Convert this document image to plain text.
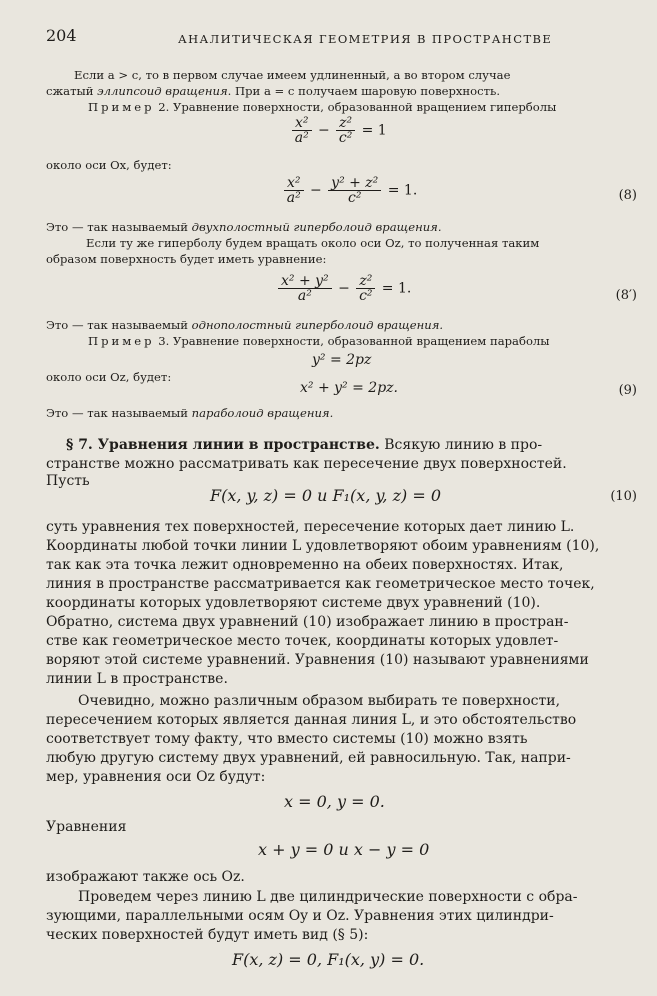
204	АНАЛИТИЧЕСКАЯ ГЕОМЕТРИЯ В ПРОСТРАНСТВЕ
Если a > c, то в первом случае имеем удлиненный, а во втором случае
сжатый эллипсоид вращения. При a = c получаем шаровую поверхность.
Пример 2. Уравнение поверхности, образованной вращением гиперболы
$\frac{\text{x²}}{\text{a²}} - \frac{\text{z²}}{\text{c²}} = 1$
около оси Ox, будет:
$\frac{\text{x²}}{\text{a²}} - \frac{\text{y² + z²}}{\text{c²}} = 1$.	(8)
Это — так называемый двухполостный гиперболоид вращения.
Если ту же гиперболу будем вращать около оси Oz, то полученная таким
образом поверхность будет иметь уравнение:
$\frac{\text{x² + y²}}{\text{a²}} - \frac{\text{z²}}{\text{c²}} = 1$.	(8′)
Это — так называемый однополостный гиперболоид вращения.
Пример 3. Уравнение поверхности, образованной вращением параболы
y² = 2pz
около оси Oz, будет:
x² + y² = 2pz.	(9)
Это — так называемый параболоид вращения.
§ 7. Уравнения линии в пространстве. Всякую линию в про-
странстве можно рассматривать как пересечение двух поверхностей.
Пусть
F(x, y, z) = 0 и F₁(x, y, z) = 0	(10)
суть уравнения тех поверхностей, пересечение которых дает линию L.
Координаты любой точки линии L удовлетворяют обоим уравнениям (10),
так как эта точка лежит одновременно на обеих поверхностях. Итак,
линия в пространстве рассматривается как геометрическое место точек,
координаты которых удовлетворяют системе двух уравнений (10).
Обратно, система двух уравнений (10) изображает линию в простран-
стве как геометрическое место точек, координаты которых удовлет-
воряют этой системе уравнений. Уравнения (10) называют уравнениями
линии L в пространстве.
Очевидно, можно различным образом выбирать те поверхности,
пересечением которых является данная линия L, и это обстоятельство
соответствует тому факту, что вместо системы (10) можно взять
любую другую систему двух уравнений, ей равносильную. Так, напри-
мер, уравнения оси Oz будут:
x = 0, y = 0.
Уравнения
x + y = 0 и x − y = 0
изображают также ось Oz.
Проведем через линию L две цилиндрические поверхности с обра-
зующими, параллельными осям Oy и Oz. Уравнения этих цилиндри-
ческих поверхностей будут иметь вид (§ 5):
F(x, z) = 0, F₁(x, y) = 0.
